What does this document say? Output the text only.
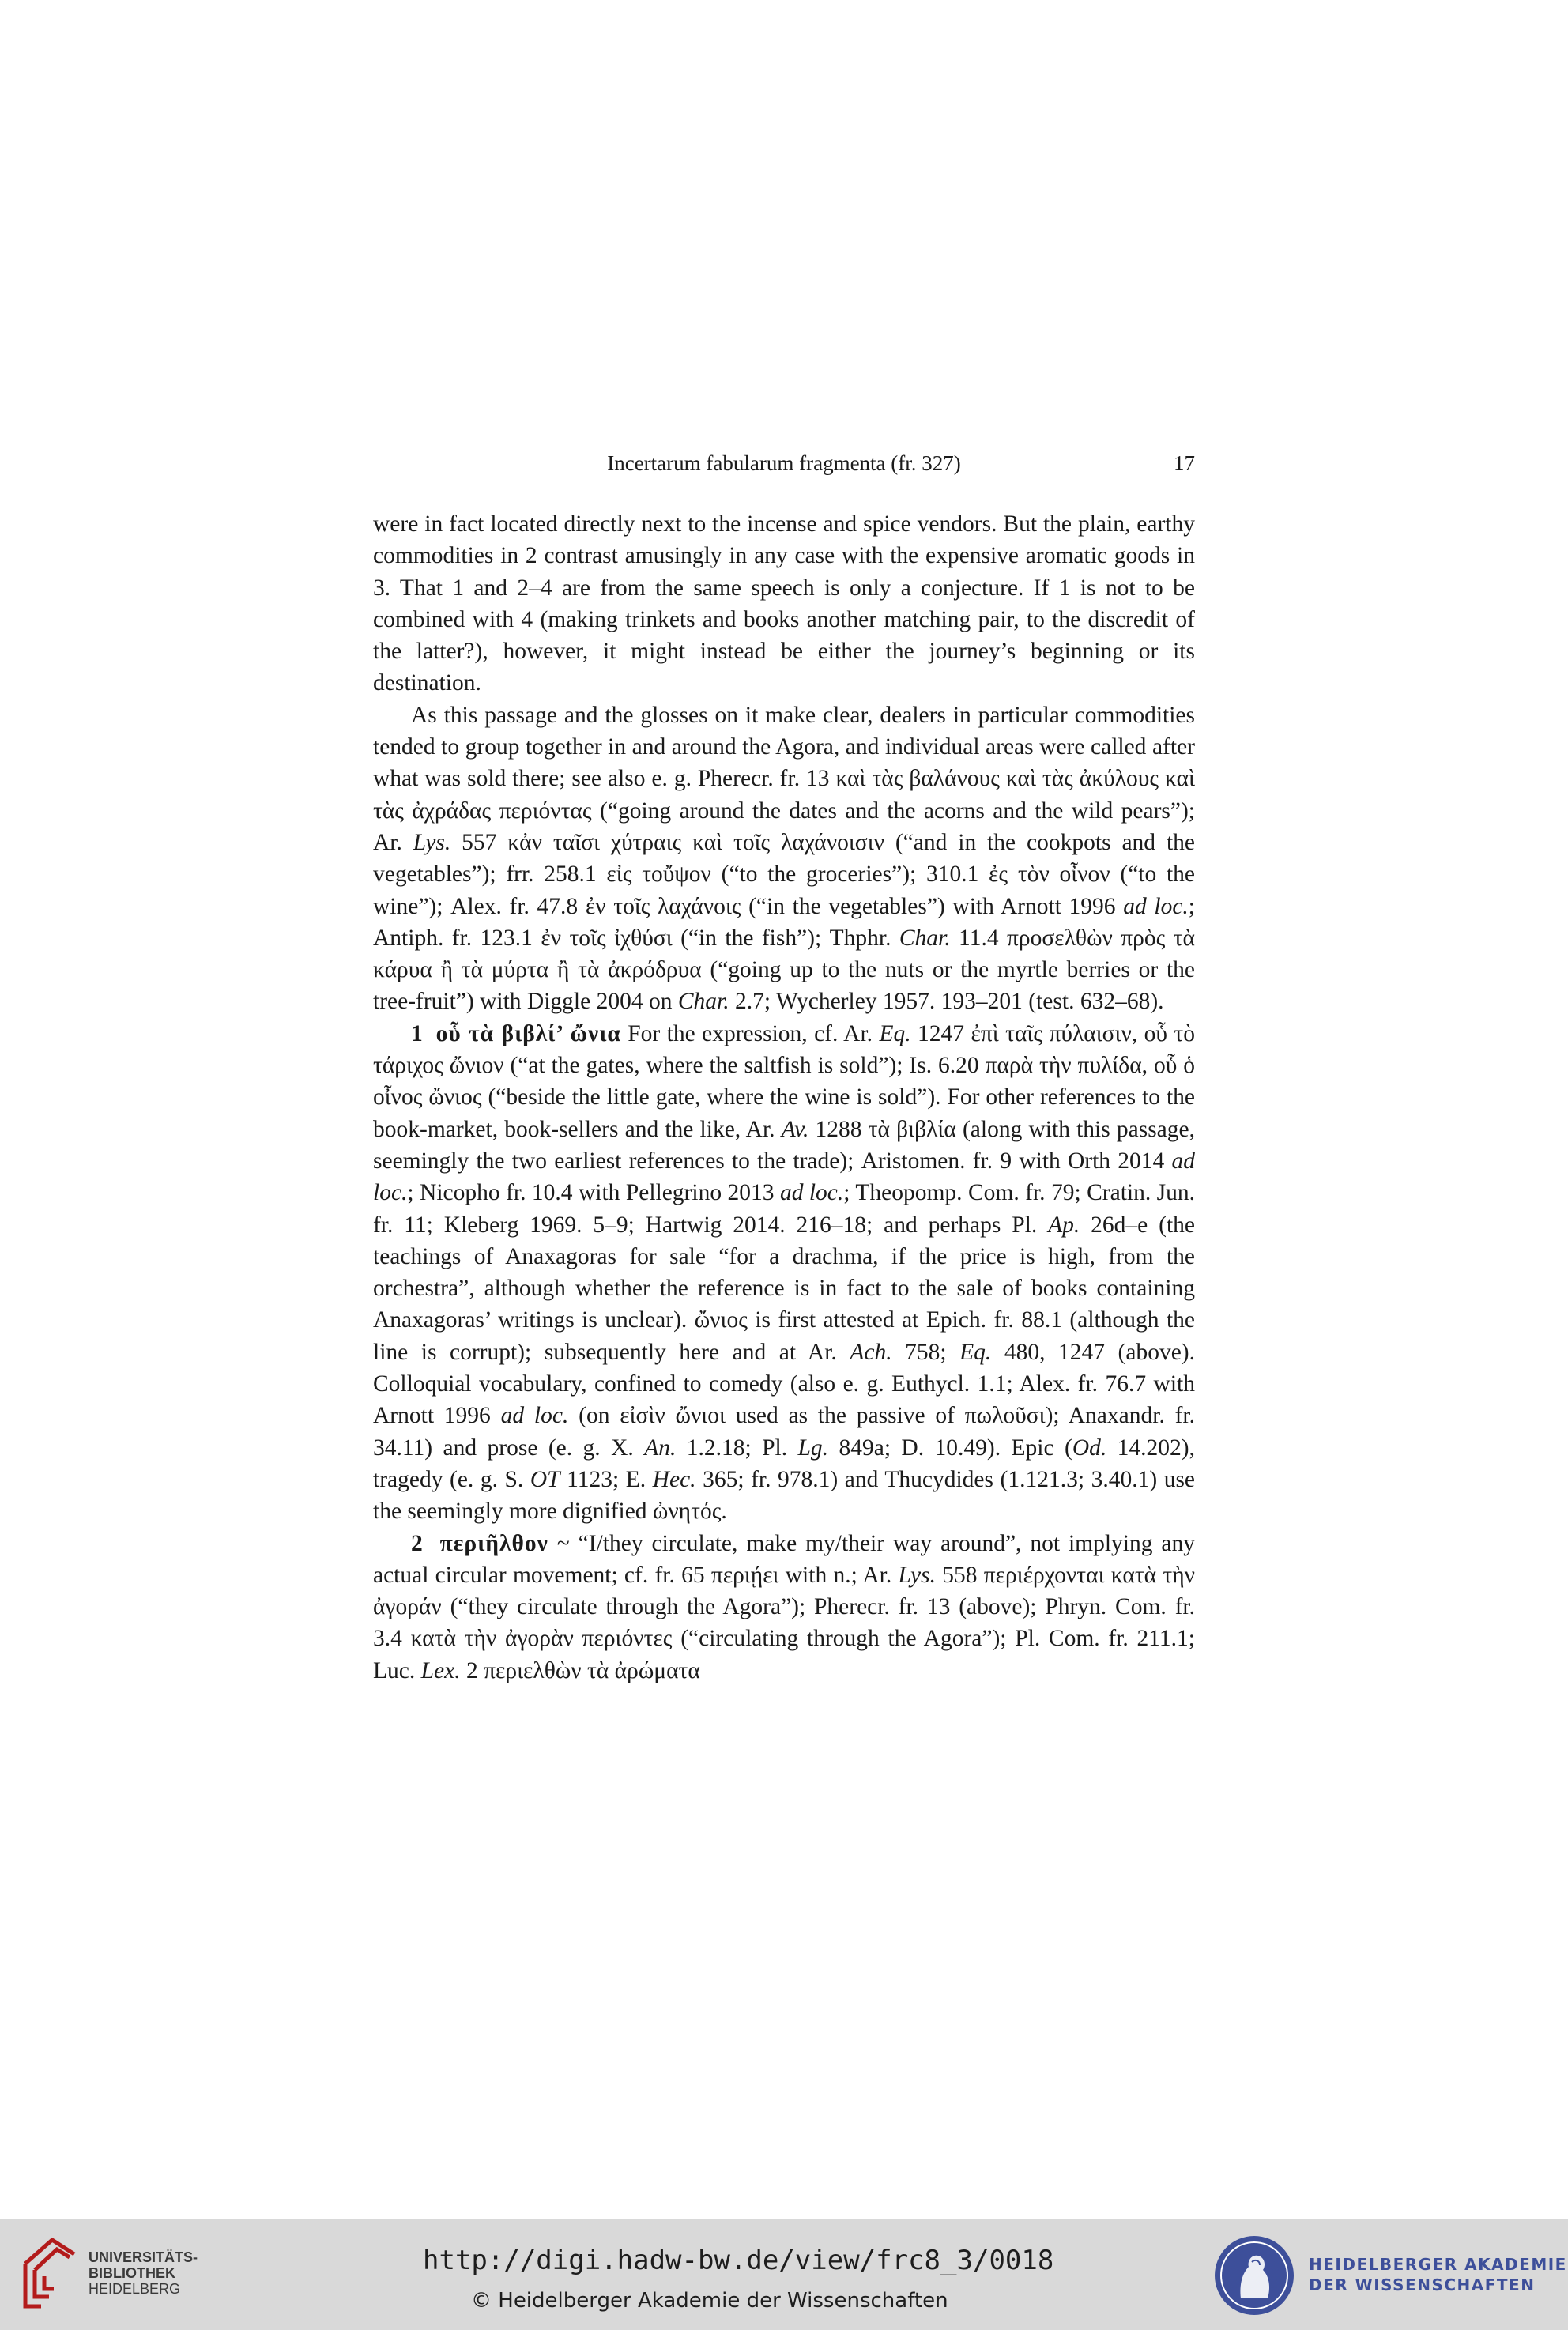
Incertarum fabularum fragmenta (fr. 327)	17

were in fact located directly next to the incense and spice vendors. But the plain, earthy commodities in 2 contrast amusingly in any case with the expensive aromatic goods in 3. That 1 and 2–4 are from the same speech is only a conjecture. If 1 is not to be combined with 4 (making trinkets and books another matching pair, to the discredit of the latter?), however, it might instead be either the journey’s beginning or its destination.

As this passage and the glosses on it make clear, dealers in particular commodities tended to group together in and around the Agora, and individual areas were called after what was sold there; see also e. g. Pherecr. fr. 13 καὶ τὰς βαλάνους καὶ τὰς ἀκύλους καὶ τὰς ἀχράδας περιόντας (“going around the dates and the acorns and the wild pears”); Ar. Lys. 557 κἀν ταῖσι χύτραις καὶ τοῖς λαχάνοισιν (“and in the cookpots and the vegetables”); frr. 258.1 εἰς τοὔψον (“to the groceries”); 310.1 ἐς τὸν οἶνον (“to the wine”); Alex. fr. 47.8 ἐν τοῖς λαχάνοις (“in the vegetables”) with Arnott 1996 ad loc.; Antiph. fr. 123.1 ἐν τοῖς ἰχθύσι (“in the fish”); Thphr. Char. 11.4 προσελθὼν πρὸς τὰ κάρυα ἢ τὰ μύρτα ἢ τὰ ἀκρόδρυα (“going up to the nuts or the myrtle berries or the tree-fruit”) with Diggle 2004 on Char. 2.7; Wycherley 1957. 193–201 (test. 632–68).

1 οὗ τὰ βιβλί’ ὤνια For the expression, cf. Ar. Eq. 1247 ἐπὶ ταῖς πύλαισιν, οὗ τὸ τάριχος ὤνιον (“at the gates, where the saltfish is sold”); Is. 6.20 παρὰ τὴν πυλίδα, οὗ ὁ οἶνος ὤνιος (“beside the little gate, where the wine is sold”). For other references to the book-market, book-sellers and the like, Ar. Av. 1288 τὰ βιβλία (along with this passage, seemingly the two earliest references to the trade); Aristomen. fr. 9 with Orth 2014 ad loc.; Nicopho fr. 10.4 with Pellegrino 2013 ad loc.; Theopomp. Com. fr. 79; Cratin. Jun. fr. 11; Kleberg 1969. 5–9; Hartwig 2014. 216–18; and perhaps Pl. Ap. 26d–e (the teachings of Anaxagoras for sale “for a drachma, if the price is high, from the orchestra”, although whether the reference is in fact to the sale of books containing Anaxagoras’ writings is unclear). ὤνιος is first attested at Epich. fr. 88.1 (although the line is corrupt); subsequently here and at Ar. Ach. 758; Eq. 480, 1247 (above). Colloquial vocabulary, confined to comedy (also e. g. Euthycl. 1.1; Alex. fr. 76.7 with Arnott 1996 ad loc. (on εἰσὶν ὤνιοι used as the passive of πωλοῦσι); Anaxandr. fr. 34.11) and prose (e. g. X. An. 1.2.18; Pl. Lg. 849a; D. 10.49). Epic (Od. 14.202), tragedy (e. g. S. OT 1123; E. Hec. 365; fr. 978.1) and Thucydides (1.121.3; 3.40.1) use the seemingly more dignified ὠνητός.

2 περιῆλθον ~ “I/they circulate, make my/their way around”, not implying any actual circular movement; cf. fr. 65 περιῄει with n.; Ar. Lys. 558 περιέρχονται κατὰ τὴν ἀγοράν (“they circulate through the Agora”); Pherecr. fr. 13 (above); Phryn. Com. fr. 3.4 κατὰ τὴν ἀγορὰν περιόντες (“circulating through the Agora”); Pl. Com. fr. 211.1; Luc. Lex. 2 περιελθὼν τὰ ἀρώματα

UNIVERSITÄTS-
BIBLIOTHEK
HEIDELBERG
http://digi.hadw-bw.de/view/frc8_3/0018
© Heidelberger Akademie der Wissenschaften
HEIDELBERGER AKADEMIE
DER WISSENSCHAFTEN
